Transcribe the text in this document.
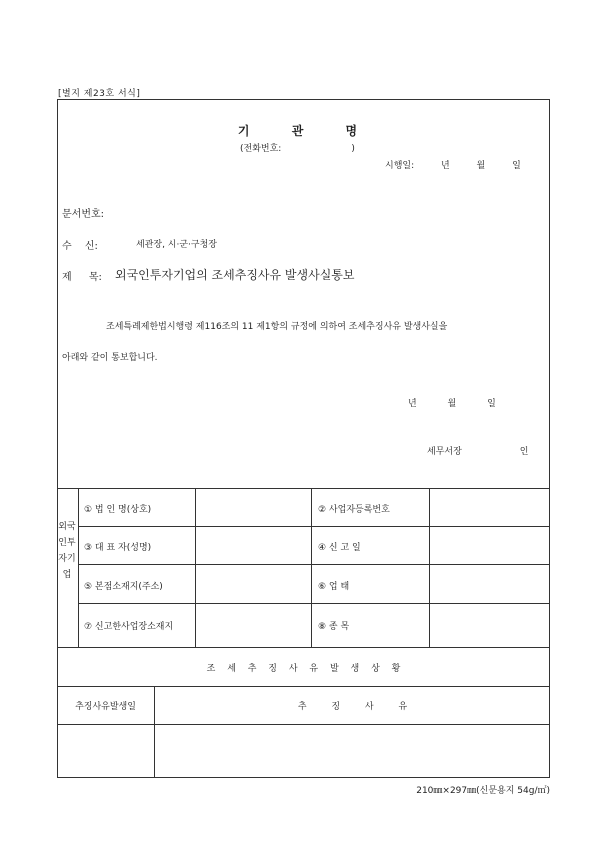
[별지 제23호 서식]
기 관 명
(전화번호:	)
시행일: 년 월 일
문서번호:
수 신:	세관장, 시·군·구청장
제 목: 외국인투자기업의 조세추징사유 발생사실통보
조세특례제한법시행령 제116조의 11 제1항의 규정에 의하여 조세추징사유 발생사실을
아래와 같이 통보합니다.
년 월 일
세무서장	인
외국인투자기업
① 법 인 명(상호)	② 사업자등록번호
③ 대 표 자(성명)	④ 신 고 일
⑤ 본점소재지(주소)	⑥ 업 태
⑦ 신고한사업장소재지	⑧ 종 목
조 세 추 징 사 유 발 생 상 황
추징사유발생일	추 징 사 유
210㎜×297㎜(신문용지 54g/㎡)
